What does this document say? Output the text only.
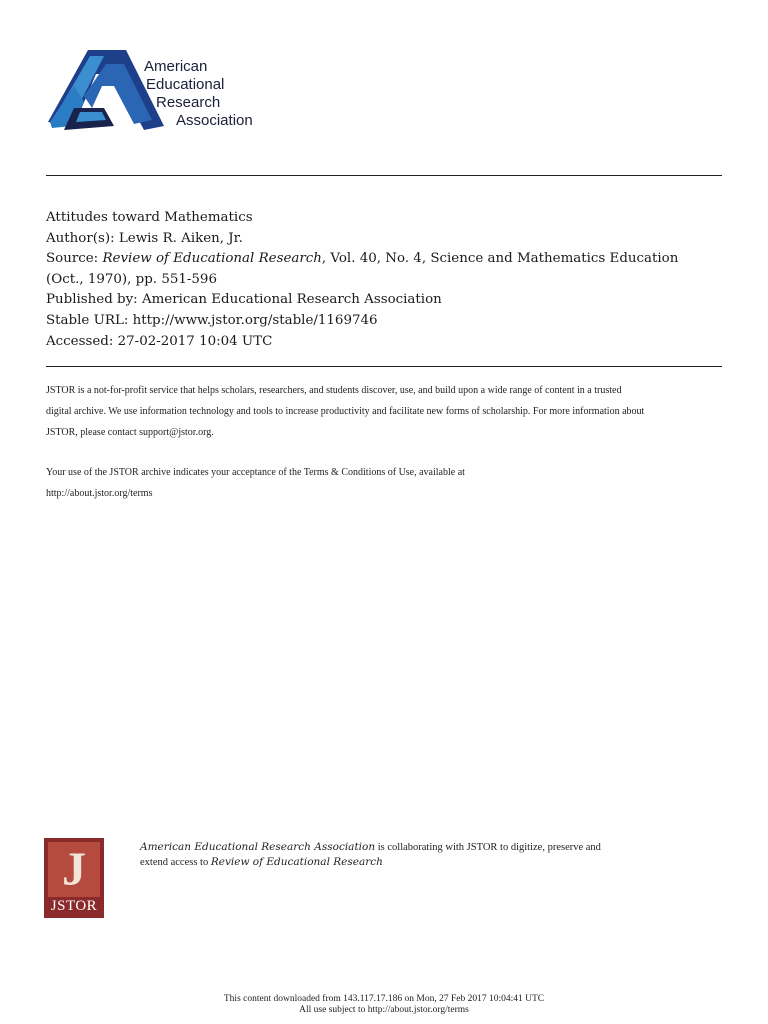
American
Educational
Research
Association
Attitudes toward Mathematics
Author(s): Lewis R. Aiken, Jr.
Source: Review of Educational Research, Vol. 40, No. 4, Science and Mathematics Education
(Oct., 1970), pp. 551-596
Published by: American Educational Research Association
Stable URL: http://www.jstor.org/stable/1169746
Accessed: 27-02-2017 10:04 UTC
JSTOR is a not-for-profit service that helps scholars, researchers, and students discover, use, and build upon a wide range of content in a trusted
digital archive. We use information technology and tools to increase productivity and facilitate new forms of scholarship. For more information about
JSTOR, please contact support@jstor.org.
Your use of the JSTOR archive indicates your acceptance of the Terms & Conditions of Use, available at
http://about.jstor.org/terms
J
JSTOR
American Educational Research Association is collaborating with JSTOR to digitize, preserve and
extend access to Review of Educational Research
This content downloaded from 143.117.17.186 on Mon, 27 Feb 2017 10:04:41 UTC
All use subject to http://about.jstor.org/terms
